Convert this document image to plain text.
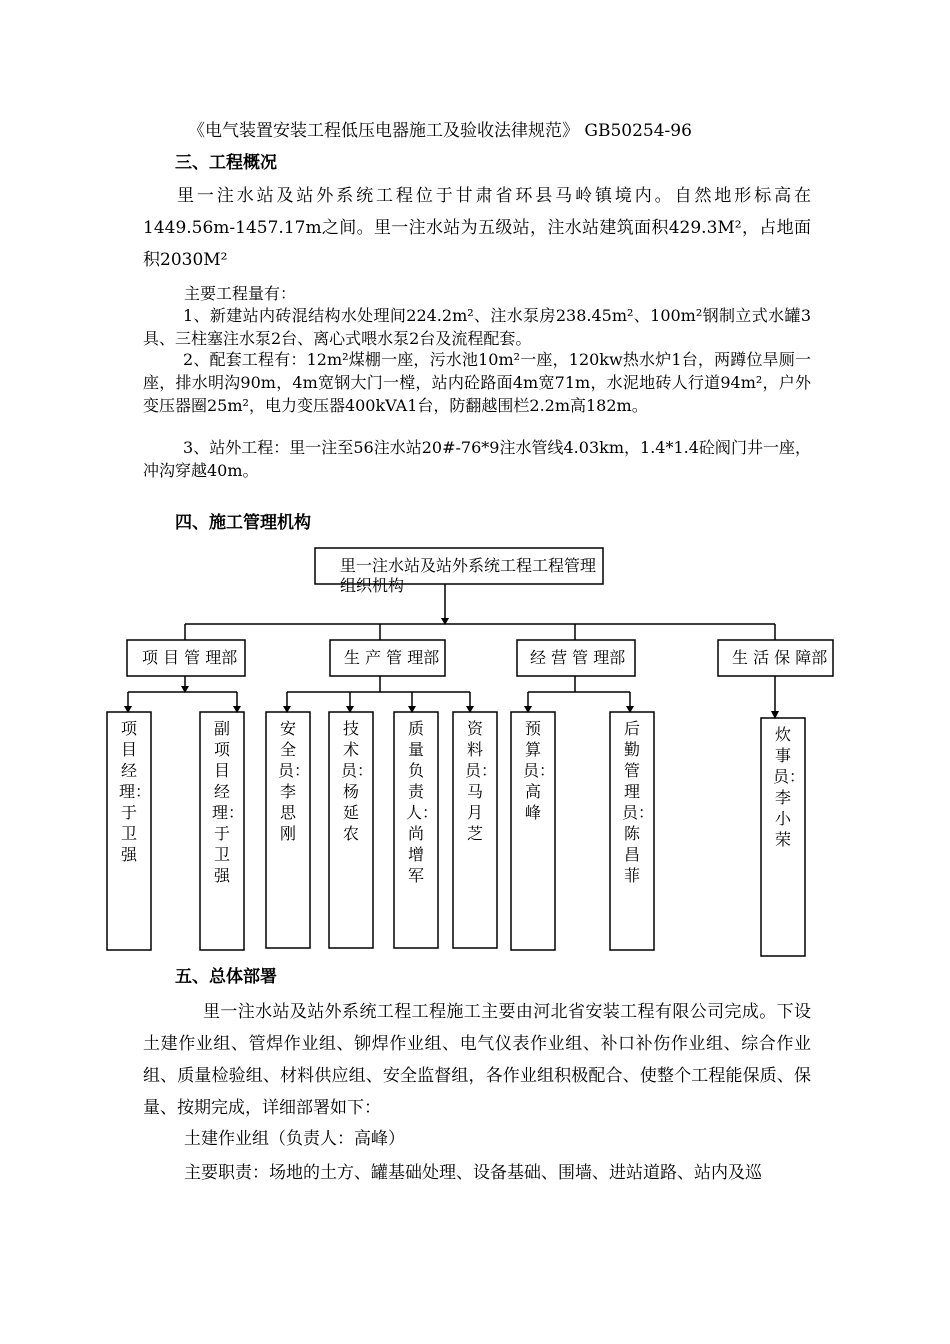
《电气装置安装工程低压电器施工及验收法律规范》 GB50254-96

三、工程概况

里一注水站及站外系统工程位于甘肃省环县马岭镇境内。自然地形标高在1449.56m-1457.17m之间。里一注水站为五级站，注水站建筑面积429.3M²，占地面积2030M²

主要工程量有：

1、新建站内砖混结构水处理间224.2m²、注水泵房238.45m²、100m²钢制立式水罐3具、三柱塞注水泵2台、离心式喂水泵2台及流程配套。

2、配套工程有：12m²煤棚一座，污水池10m²一座，120kw热水炉1台，两蹲位旱厕一座，排水明沟90m，4m宽钢大门一樘，站内砼路面4m宽71m，水泥地砖人行道94m²，户外变压器圈25m²，电力变压器400kVA1台，防翻越围栏2.2m高182m。

3、站外工程：里一注至56注水站20#-76*9注水管线4.03km，1.4*1.4砼阀门井一座，冲沟穿越40m。

四、施工管理机构

里一注水站及站外系统工程工程管理组织机构
项 目 管 理部	生 产 管 理部	经 营 管 理部	生 活 保 障部
项目经理：于卫强
副项目经理：于卫强
安全员：李思刚
技术员：杨延农
质量负责人：尚增军
资料员：马月芝
预算员：高峰
后勤管理员：陈昌菲
炊事员：李小荣

五、总体部署

里一注水站及站外系统工程工程施工主要由河北省安装工程有限公司完成。下设土建作业组、管焊作业组、铆焊作业组、电气仪表作业组、补口补伤作业组、综合作业组、质量检验组、材料供应组、安全监督组，各作业组积极配合、使整个工程能保质、保量、按期完成，详细部署如下：

土建作业组（负责人：高峰）

主要职责：场地的土方、罐基础处理、设备基础、围墙、进站道路、站内及巡
